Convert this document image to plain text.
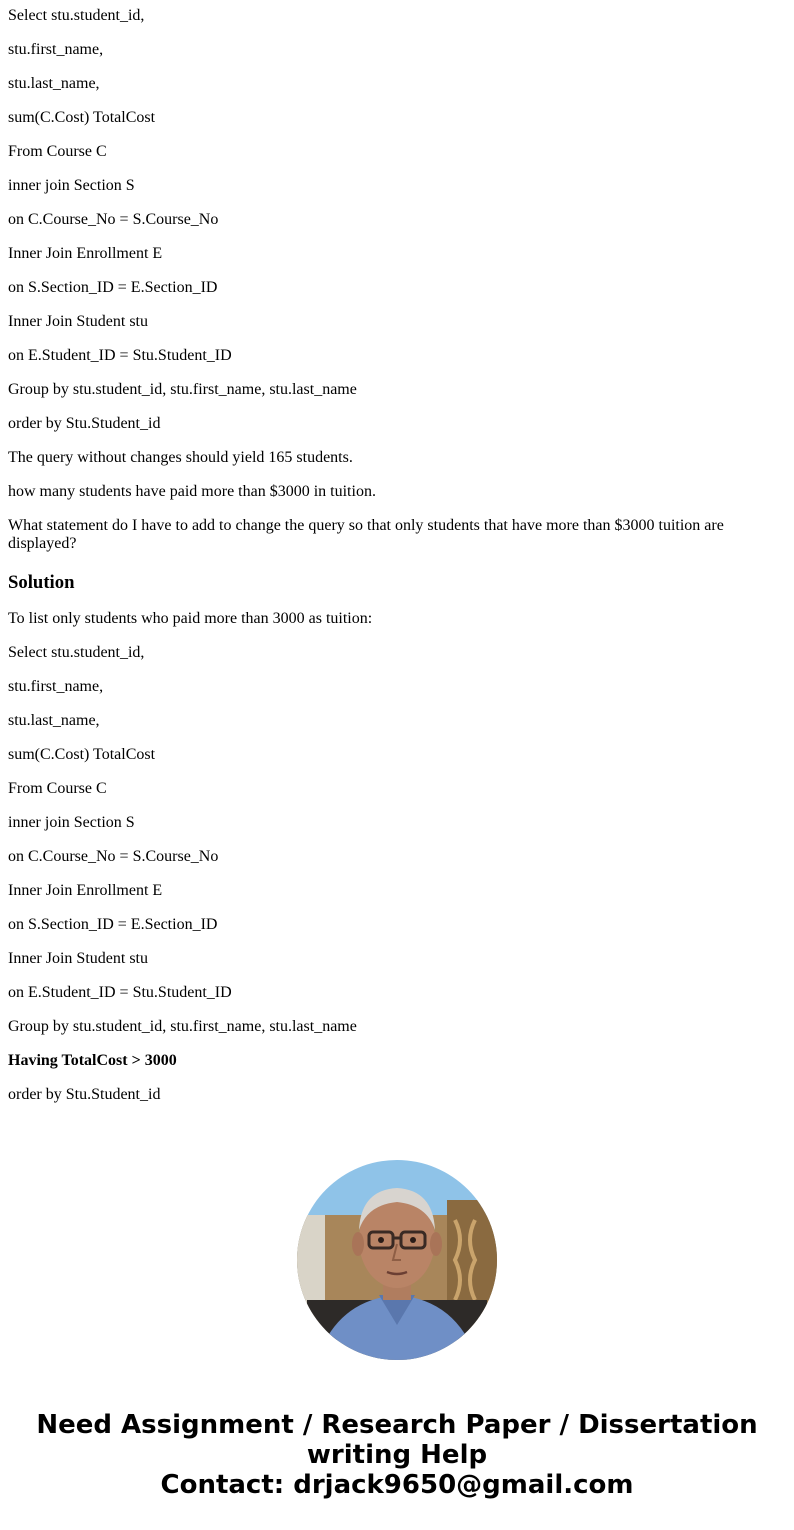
Select stu.student_id,

stu.first_name,

stu.last_name,

sum(C.Cost) TotalCost

From Course C

inner join Section S

on C.Course_No = S.Course_No

Inner Join Enrollment E

on S.Section_ID = E.Section_ID

Inner Join Student stu

on E.Student_ID = Stu.Student_ID

Group by stu.student_id, stu.first_name, stu.last_name

order by Stu.Student_id

The query without changes should yield 165 students.

how many students have paid more than $3000 in tuition.

What statement do I have to add to change the query so that only students that have more than $3000 tuition are displayed?

Solution

To list only students who paid more than 3000 as tuition:

Select stu.student_id,

stu.first_name,

stu.last_name,

sum(C.Cost) TotalCost

From Course C

inner join Section S

on C.Course_No = S.Course_No

Inner Join Enrollment E

on S.Section_ID = E.Section_ID

Inner Join Student stu

on E.Student_ID = Stu.Student_ID

Group by stu.student_id, stu.first_name, stu.last_name

Having TotalCost > 3000

order by Stu.Student_id

Need Assignment / Research Paper / Dissertation
writing Help
Contact: drjack9650@gmail.com
